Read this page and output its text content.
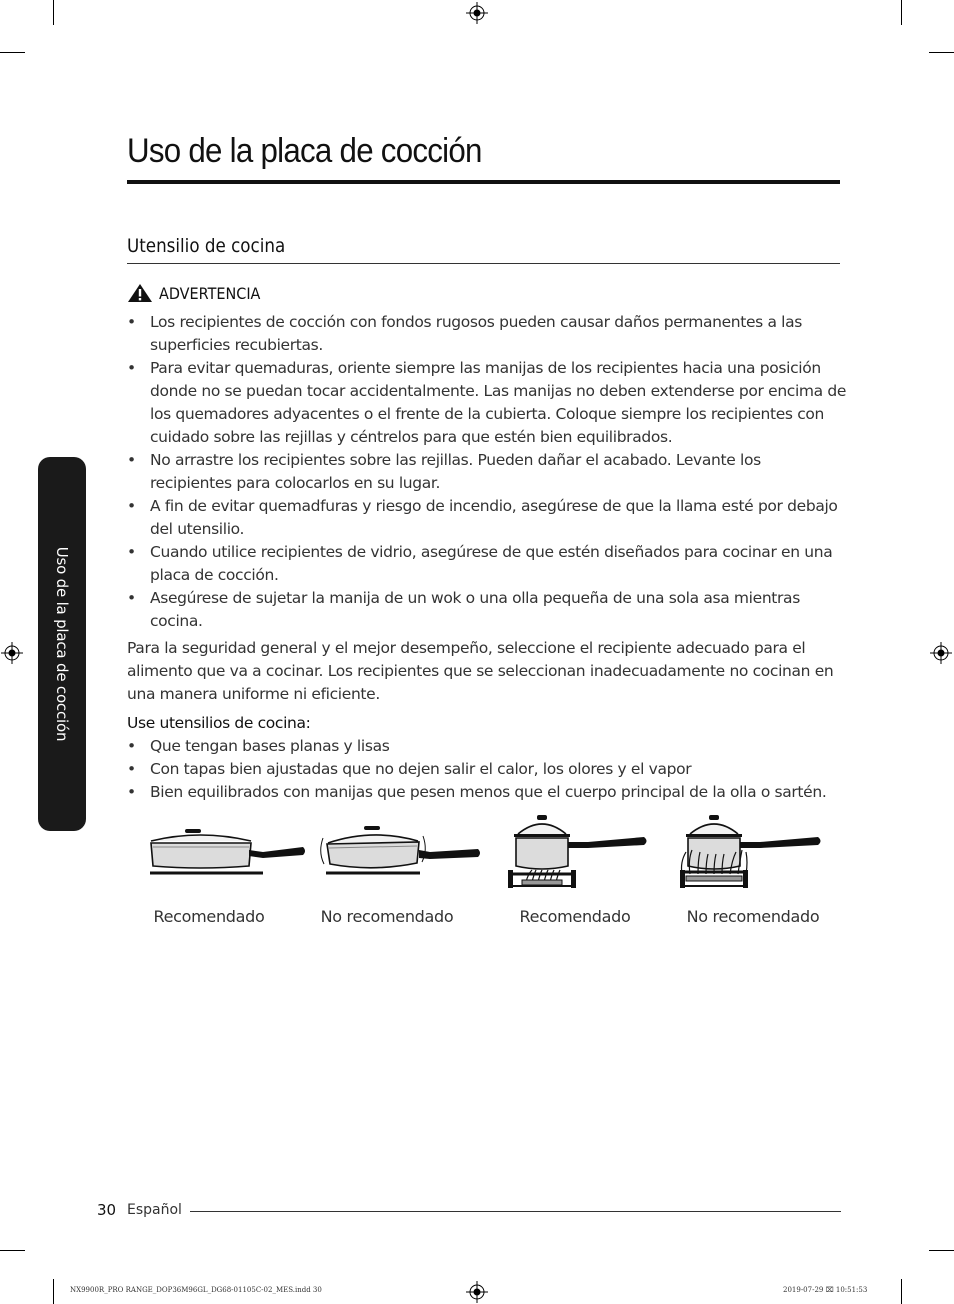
Uso de la placa de cocción
Uso de la placa de cocción
Utensilio de cocina
ADVERTENCIA
• Los recipientes de cocción con fondos rugosos pueden causar daños permanentes a las superficies recubiertas.
• Para evitar quemaduras, oriente siempre las manijas de los recipientes hacia una posición donde no se puedan tocar accidentalmente. Las manijas no deben extenderse por encima de los quemadores adyacentes o el frente de la cubierta. Coloque siempre los recipientes con cuidado sobre las rejillas y céntrelos para que estén bien equilibrados.
• No arrastre los recipientes sobre las rejillas. Pueden dañar el acabado. Levante los recipientes para colocarlos en su lugar.
• A fin de evitar quemadfuras y riesgo de incendio, asegúrese de que la llama esté por debajo del utensilio.
• Cuando utilice recipientes de vidrio, asegúrese de que estén diseñados para cocinar en una placa de cocción.
• Asegúrese de sujetar la manija de un wok o una olla pequeña de una sola asa mientras cocina.

Para la seguridad general y el mejor desempeño, seleccione el recipiente adecuado para el alimento que va a cocinar. Los recipientes que se seleccionan inadecuadamente no cocinan en una manera uniforme ni eficiente.

Use utensilios de cocina:

• Que tengan bases planas y lisas
• Con tapas bien ajustadas que no dejen salir el calor, los olores y el vapor
• Bien equilibrados con manijas que pesen menos que el cuerpo principal de la olla o sartén.
Recomendado	No recomendado	Recomendado	No recomendado
30 Español
NX9900R_PRO RANGE_DOP36M96GL_DG68-01105C-02_MES.indd 30	2019-07-29 ⌧ 10:51:53
